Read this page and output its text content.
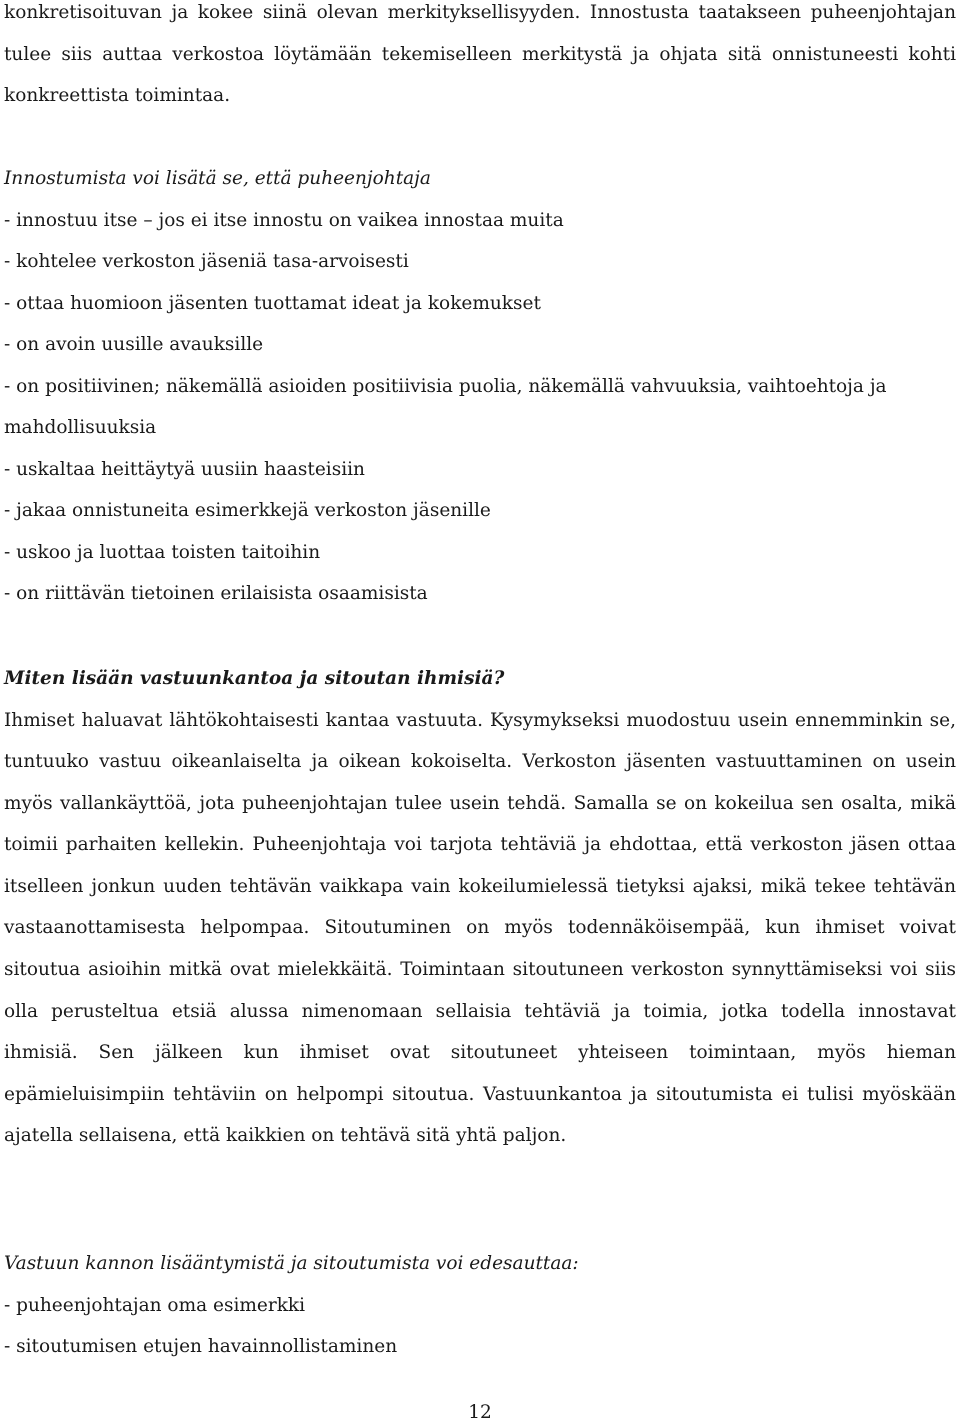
konkretisoituvan ja kokee siinä olevan merkityksellisyyden. Innostusta taatakseen puheenjohtajan tulee siis auttaa verkostoa löytämään tekemiselleen merkitystä ja ohjata sitä onnistuneesti kohti konkreettista toimintaa.

Innostumista voi lisätä se, että puheenjohtaja

- innostuu itse – jos ei itse innostu on vaikea innostaa muita

- kohtelee verkoston jäseniä tasa-arvoisesti

- ottaa huomioon jäsenten tuottamat ideat ja kokemukset

- on avoin uusille avauksille

- on positiivinen; näkemällä asioiden positiivisia puolia, näkemällä vahvuuksia, vaihtoehtoja ja mahdollisuuksia

- uskaltaa heittäytyä uusiin haasteisiin

- jakaa onnistuneita esimerkkejä verkoston jäsenille

- uskoo ja luottaa toisten taitoihin

- on riittävän tietoinen erilaisista osaamisista

Miten lisään vastuunkantoa ja sitoutan ihmisiä?

Ihmiset haluavat lähtökohtaisesti kantaa vastuuta. Kysymykseksi muodostuu usein ennemminkin se, tuntuuko vastuu oikeanlaiselta ja oikean kokoiselta. Verkoston jäsenten vastuuttaminen on usein myös vallankäyttöä, jota puheenjohtajan tulee usein tehdä. Samalla se on kokeilua sen osalta, mikä toimii parhaiten kellekin. Puheenjohtaja voi tarjota tehtäviä ja ehdottaa, että verkoston jäsen ottaa itselleen jonkun uuden tehtävän vaikkapa vain kokeilumielessä tietyksi ajaksi, mikä tekee tehtävän vastaanottamisesta helpompaa. Sitoutuminen on myös todennäköisempää, kun ihmiset voivat sitoutua asioihin mitkä ovat mielekkäitä. Toimintaan sitoutuneen verkoston synnyttämiseksi voi siis olla perusteltua etsiä alussa nimenomaan sellaisia tehtäviä ja toimia, jotka todella innostavat ihmisiä. Sen jälkeen kun ihmiset ovat sitoutuneet yhteiseen toimintaan, myös hieman epämieluisimpiin tehtäviin on helpompi sitoutua. Vastuunkantoa ja sitoutumista ei tulisi myöskään ajatella sellaisena, että kaikkien on tehtävä sitä yhtä paljon.

Vastuun kannon lisääntymistä ja sitoutumista voi edesauttaa:

- puheenjohtajan oma esimerkki

- sitoutumisen etujen havainnollistaminen

12
